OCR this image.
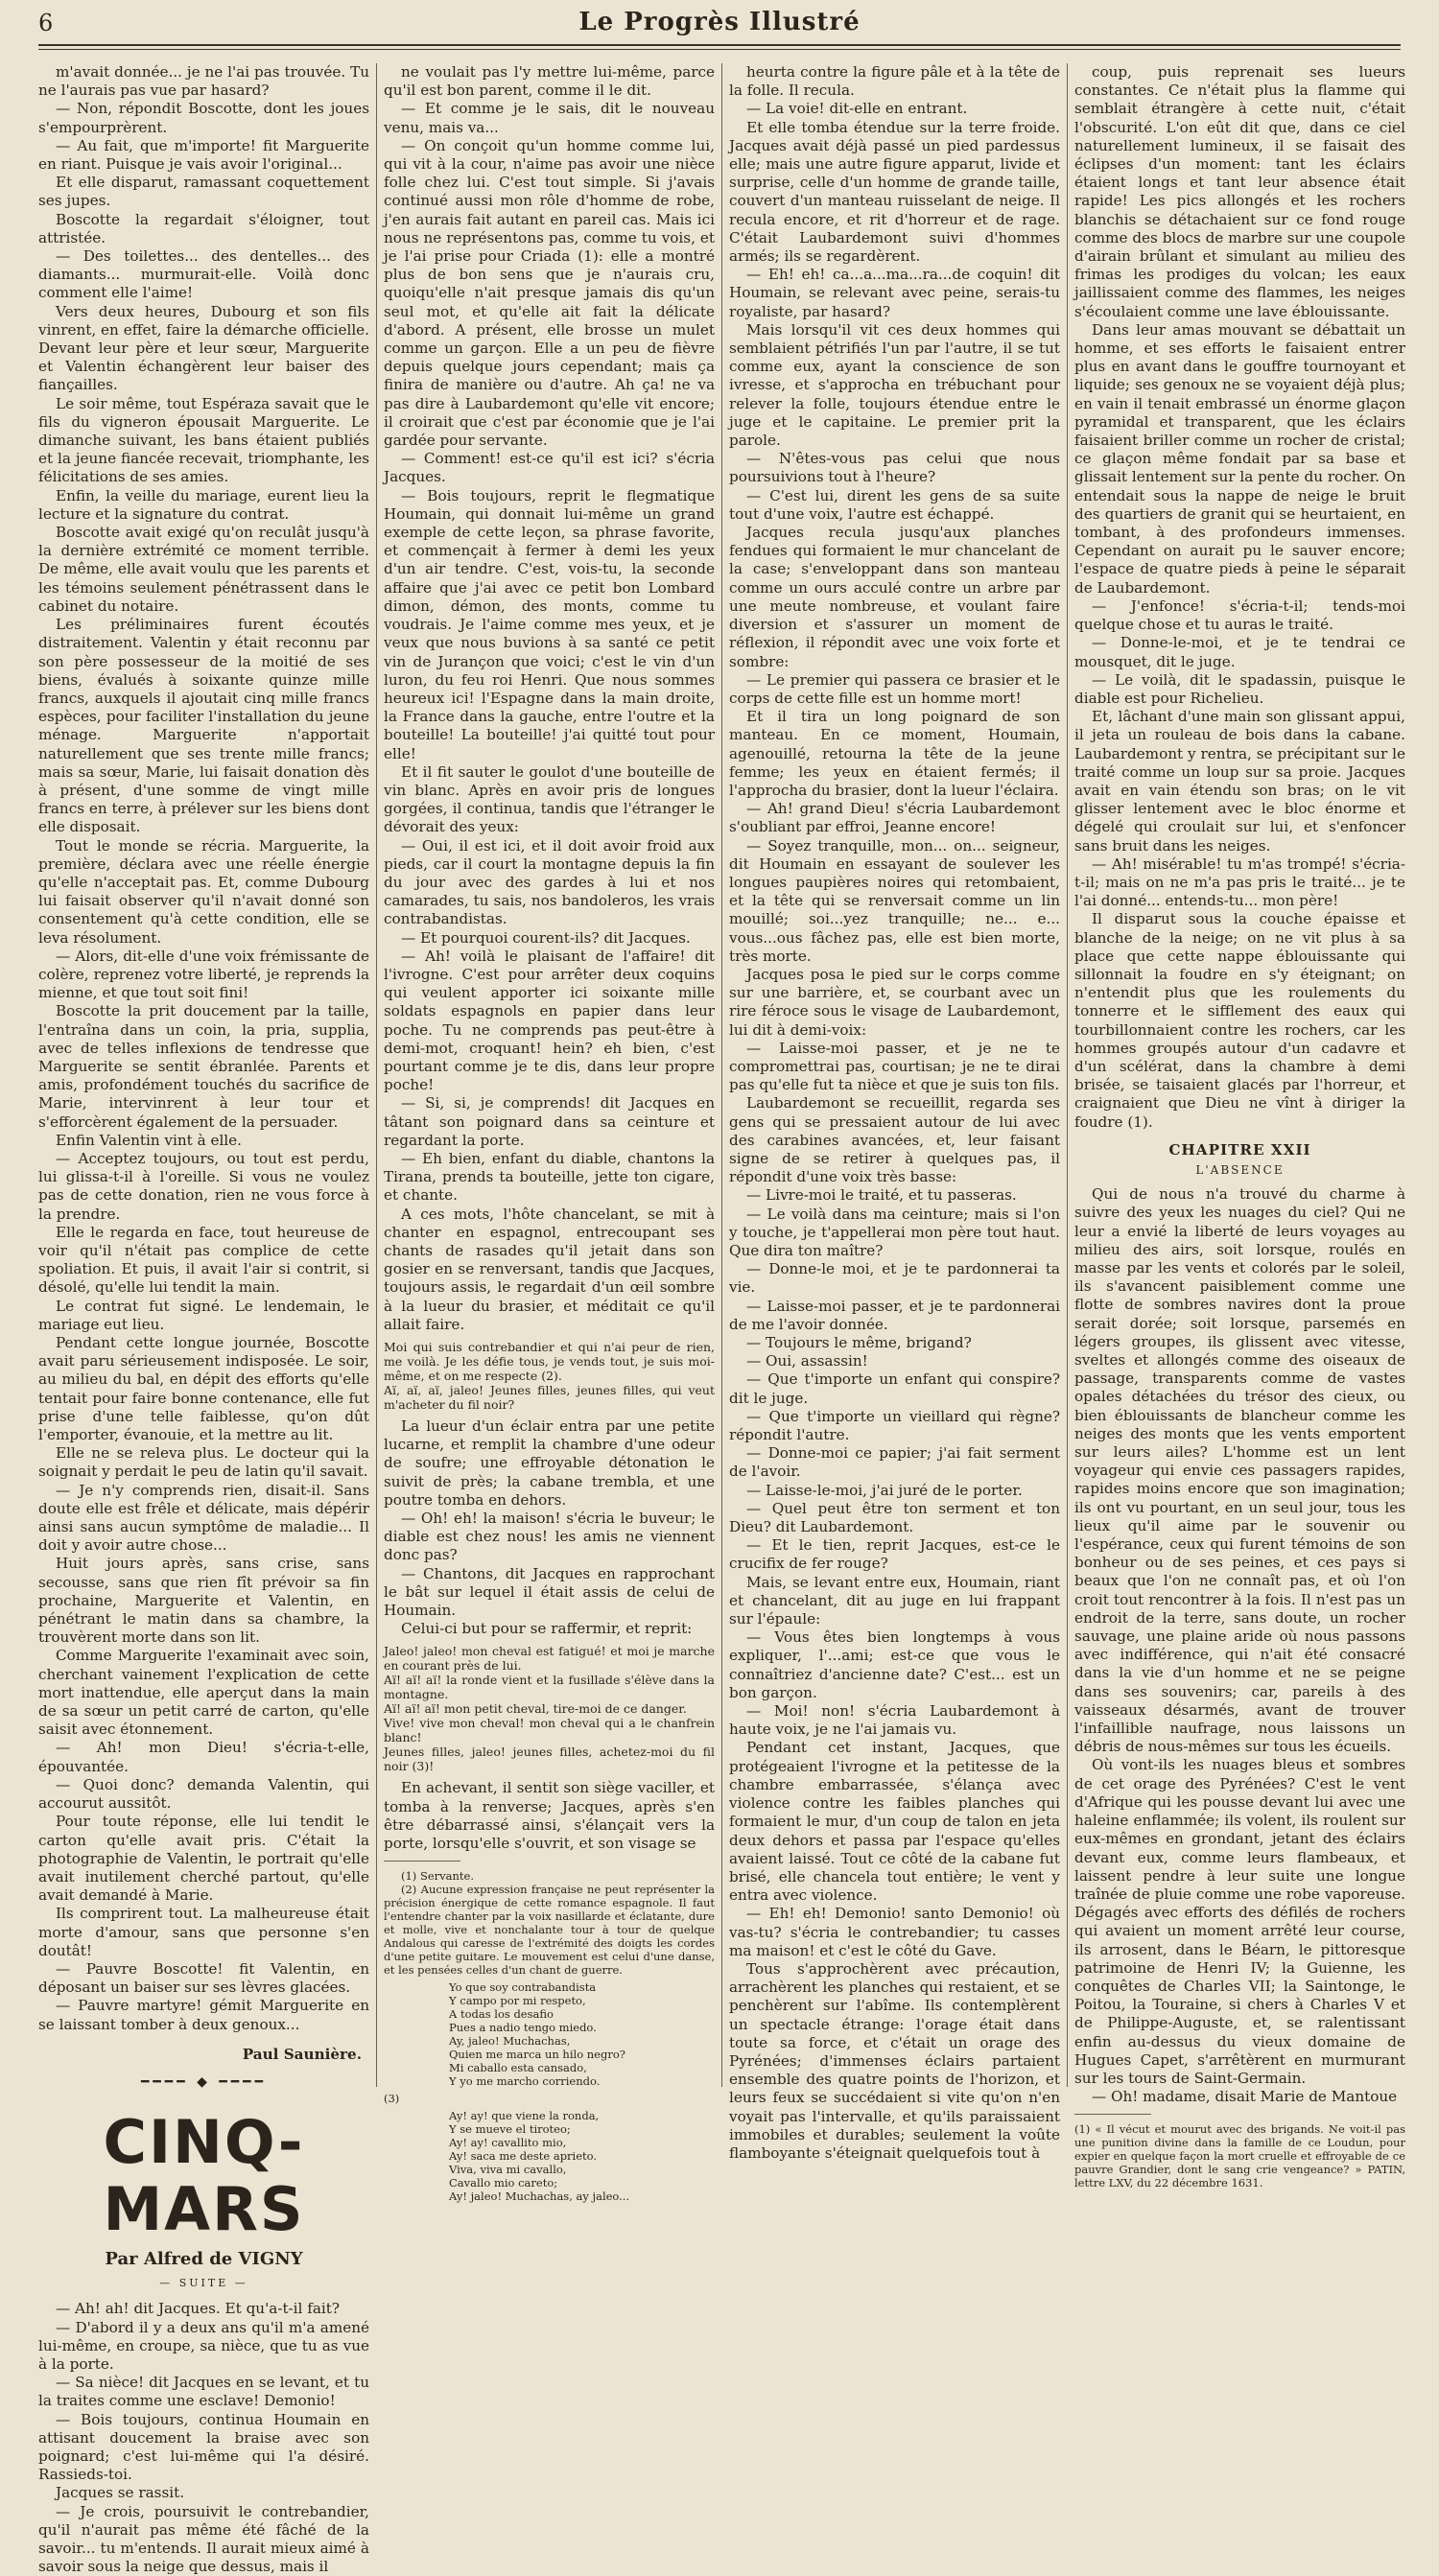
6	Le Progrès Illustré

m'avait donnée... je ne l'ai pas trouvée. Tu ne l'aurais pas vue par hasard?

— Non, répondit Boscotte, dont les joues s'empourprèrent.

— Au fait, que m'importe! fit Marguerite en riant. Puisque je vais avoir l'original...

Et elle disparut, ramassant coquettement ses jupes.

Boscotte la regardait s'éloigner, tout attristée.

— Des toilettes... des dentelles... des diamants... murmurait-elle. Voilà donc comment elle l'aime!

Vers deux heures, Dubourg et son fils vinrent, en effet, faire la démarche officielle. Devant leur père et leur sœur, Marguerite et Valentin échangèrent leur baiser des fiançailles.

Le soir même, tout Espéraza savait que le fils du vigneron épousait Marguerite. Le dimanche suivant, les bans étaient publiés et la jeune fiancée recevait, triomphante, les félicitations de ses amies.

Enfin, la veille du mariage, eurent lieu la lecture et la signature du contrat.

Boscotte avait exigé qu'on reculât jusqu'à la dernière extrémité ce moment terrible. De même, elle avait voulu que les parents et les témoins seulement pénétrassent dans le cabinet du notaire.

Les préliminaires furent écoutés distraitement. Valentin y était reconnu par son père possesseur de la moitié de ses biens, évalués à soixante quinze mille francs, auxquels il ajoutait cinq mille francs espèces, pour faciliter l'installation du jeune ménage. Marguerite n'apportait naturellement que ses trente mille francs; mais sa sœur, Marie, lui faisait donation dès à présent, d'une somme de vingt mille francs en terre, à prélever sur les biens dont elle disposait.

Tout le monde se récria. Marguerite, la première, déclara avec une réelle énergie qu'elle n'acceptait pas. Et, comme Dubourg lui faisait observer qu'il n'avait donné son consentement qu'à cette condition, elle se leva résolument.

— Alors, dit-elle d'une voix frémissante de colère, reprenez votre liberté, je reprends la mienne, et que tout soit fini!

Boscotte la prit doucement par la taille, l'entraîna dans un coin, la pria, supplia, avec de telles inflexions de tendresse que Marguerite se sentit ébranlée. Parents et amis, profondément touchés du sacrifice de Marie, intervinrent à leur tour et s'efforcèrent également de la persuader.

Enfin Valentin vint à elle.

— Acceptez toujours, ou tout est perdu, lui glissa-t-il à l'oreille. Si vous ne voulez pas de cette donation, rien ne vous force à la prendre.

Elle le regarda en face, tout heureuse de voir qu'il n'était pas complice de cette spoliation. Et puis, il avait l'air si contrit, si désolé, qu'elle lui tendit la main.

Le contrat fut signé. Le lendemain, le mariage eut lieu.

Pendant cette longue journée, Boscotte avait paru sérieusement indisposée. Le soir, au milieu du bal, en dépit des efforts qu'elle tentait pour faire bonne contenance, elle fut prise d'une telle faiblesse, qu'on dût l'emporter, évanouie, et la mettre au lit.

Elle ne se releva plus. Le docteur qui la soignait y perdait le peu de latin qu'il savait.

— Je n'y comprends rien, disait-il. Sans doute elle est frêle et délicate, mais dépérir ainsi sans aucun symptôme de maladie... Il doit y avoir autre chose...

Huit jours après, sans crise, sans secousse, sans que rien fît prévoir sa fin prochaine, Marguerite et Valentin, en pénétrant le matin dans sa chambre, la trouvèrent morte dans son lit.

Comme Marguerite l'examinait avec soin, cherchant vainement l'explication de cette mort inattendue, elle aperçut dans la main de sa sœur un petit carré de carton, qu'elle saisit avec étonnement.

— Ah! mon Dieu! s'écria-t-elle, épouvantée.

— Quoi donc? demanda Valentin, qui accourut aussitôt.

Pour toute réponse, elle lui tendit le carton qu'elle avait pris. C'était la photographie de Valentin, le portrait qu'elle avait inutilement cherché partout, qu'elle avait demandé à Marie.

Ils comprirent tout. La malheureuse était morte d'amour, sans que personne s'en doutât!

— Pauvre Boscotte! fit Valentin, en déposant un baiser sur ses lèvres glacées.

— Pauvre martyre! gémit Marguerite en se laissant tomber à deux genoux...

Paul Saunière.
━━━━ ◆ ━━━━
CINQ-MARS
Par Alfred de VIGNY
— SUITE —

— Ah! ah! dit Jacques. Et qu'a-t-il fait?

— D'abord il y a deux ans qu'il m'a amené lui-même, en croupe, sa nièce, que tu as vue à la porte.

— Sa nièce! dit Jacques en se levant, et tu la traites comme une esclave! Demonio!

— Bois toujours, continua Houmain en attisant doucement la braise avec son poignard; c'est lui-même qui l'a désiré. Rassieds-toi.

Jacques se rassit.

— Je crois, poursuivit le contrebandier, qu'il n'aurait pas même été fâché de la savoir... tu m'entends. Il aurait mieux aimé à savoir sous la neige que dessus, mais il

ne voulait pas l'y mettre lui-même, parce qu'il est bon parent, comme il le dit.

— Et comme je le sais, dit le nouveau venu, mais va...

— On conçoit qu'un homme comme lui, qui vit à la cour, n'aime pas avoir une nièce folle chez lui. C'est tout simple. Si j'avais continué aussi mon rôle d'homme de robe, j'en aurais fait autant en pareil cas. Mais ici nous ne représentons pas, comme tu vois, et je l'ai prise pour Criada (1): elle a montré plus de bon sens que je n'aurais cru, quoiqu'elle n'ait presque jamais dis qu'un seul mot, et qu'elle ait fait la délicate d'abord. A présent, elle brosse un mulet comme un garçon. Elle a un peu de fièvre depuis quelque jours cependant; mais ça finira de manière ou d'autre. Ah ça! ne va pas dire à Laubardemont qu'elle vit encore; il croirait que c'est par économie que je l'ai gardée pour servante.

— Comment! est-ce qu'il est ici? s'écria Jacques.

— Bois toujours, reprit le flegmatique Houmain, qui donnait lui-même un grand exemple de cette leçon, sa phrase favorite, et commençait à fermer à demi les yeux d'un air tendre. C'est, vois-tu, la seconde affaire que j'ai avec ce petit bon Lombard dimon, démon, des monts, comme tu voudrais. Je l'aime comme mes yeux, et je veux que nous buvions à sa santé ce petit vin de Jurançon que voici; c'est le vin d'un luron, du feu roi Henri. Que nous sommes heureux ici! l'Espagne dans la main droite, la France dans la gauche, entre l'outre et la bouteille! La bouteille! j'ai quitté tout pour elle!

Et il fit sauter le goulot d'une bouteille de vin blanc. Après en avoir pris de longues gorgées, il continua, tandis que l'étranger le dévorait des yeux:

— Oui, il est ici, et il doit avoir froid aux pieds, car il court la montagne depuis la fin du jour avec des gardes à lui et nos camarades, tu sais, nos bandoleros, les vrais contrabandistas.

— Et pourquoi courent-ils? dit Jacques.

— Ah! voilà le plaisant de l'affaire! dit l'ivrogne. C'est pour arrêter deux coquins qui veulent apporter ici soixante mille soldats espagnols en papier dans leur poche. Tu ne comprends pas peut-être à demi-mot, croquant! hein? eh bien, c'est pourtant comme je te dis, dans leur propre poche!

— Si, si, je comprends! dit Jacques en tâtant son poignard dans sa ceinture et regardant la porte.

— Eh bien, enfant du diable, chantons la Tirana, prends ta bouteille, jette ton cigare, et chante.

A ces mots, l'hôte chancelant, se mit à chanter en espagnol, entrecoupant ses chants de rasades qu'il jetait dans son gosier en se renversant, tandis que Jacques, toujours assis, le regardait d'un œil sombre à la lueur du brasier, et méditait ce qu'il allait faire.

Moi qui suis contrebandier et qui n'ai peur de rien, me voilà. Je les défie tous, je vends tout, je suis moi-même, et on me respecte (2).

Aï, aï, aï, jaleo! Jeunes filles, jeunes filles, qui veut m'acheter du fil noir?

La lueur d'un éclair entra par une petite lucarne, et remplit la chambre d'une odeur de soufre; une effroyable détonation le suivit de près; la cabane trembla, et une poutre tomba en dehors.

— Oh! eh! la maison! s'écria le buveur; le diable est chez nous! les amis ne viennent donc pas?

— Chantons, dit Jacques en rapprochant le bât sur lequel il était assis de celui de Houmain.

Celui-ci but pour se raffermir, et reprit:

Jaleo! jaleo! mon cheval est fatigué! et moi je marche en courant près de lui.

Aï! aï! aï! la ronde vient et la fusillade s'élève dans la montagne.

Aï! aï! aï! mon petit cheval, tire-moi de ce danger.

Vive! vive mon cheval! mon cheval qui a le chanfrein blanc!

Jeunes filles, jaleo! jeunes filles, achetez-moi du fil noir (3)!

En achevant, il sentit son siège vaciller, et tomba à la renverse; Jacques, après s'en être débarrassé ainsi, s'élançait vers la porte, lorsqu'elle s'ouvrit, et son visage se

(1) Servante.

(2) Aucune expression française ne peut représenter la précision énergique de cette romance espagnole. Il faut l'entendre chanter par la voix nasillarde et éclatante, dure et molle, vive et nonchalante tour à tour de quelque Andalous qui caresse de l'extrémité des doigts les cordes d'une petite guitare. Le mouvement est celui d'une danse, et les pensées celles d'un chant de guerre.

Yo que soy contrabandista

Y campo por mi respeto,

A todas los desafio

Pues a nadio tengo miedo.

Ay, jaleo! Muchachas,

Quien me marca un hilo negro?

Mi caballo esta cansado,

Y yo me marcho corriendo.

(3)

Ay! ay! que viene la ronda,

Y se mueve el tiroteo;

Ay! ay! cavallito mio,

Ay! saca me deste aprieto.

Viva, viva mi cavallo,

Cavallo mio careto;

Ay! jaleo! Muchachas, ay jaleo...

heurta contre la figure pâle et à la tête de la folle. Il recula.

— La voie! dit-elle en entrant.

Et elle tomba étendue sur la terre froide. Jacques avait déjà passé un pied pardessus elle; mais une autre figure apparut, livide et surprise, celle d'un homme de grande taille, couvert d'un manteau ruisselant de neige. Il recula encore, et rit d'horreur et de rage. C'était Laubardemont suivi d'hommes armés; ils se regardèrent.

— Eh! eh! ca...a...ma...ra...de coquin! dit Houmain, se relevant avec peine, serais-tu royaliste, par hasard?

Mais lorsqu'il vit ces deux hommes qui semblaient pétrifiés l'un par l'autre, il se tut comme eux, ayant la conscience de son ivresse, et s'approcha en trébuchant pour relever la folle, toujours étendue entre le juge et le capitaine. Le premier prit la parole.

— N'êtes-vous pas celui que nous poursuivions tout à l'heure?

— C'est lui, dirent les gens de sa suite tout d'une voix, l'autre est échappé.

Jacques recula jusqu'aux planches fendues qui formaient le mur chancelant de la case; s'enveloppant dans son manteau comme un ours acculé contre un arbre par une meute nombreuse, et voulant faire diversion et s'assurer un moment de réflexion, il répondit avec une voix forte et sombre:

— Le premier qui passera ce brasier et le corps de cette fille est un homme mort!

Et il tira un long poignard de son manteau. En ce moment, Houmain, agenouillé, retourna la tête de la jeune femme; les yeux en étaient fermés; il l'approcha du brasier, dont la lueur l'éclaira.

— Ah! grand Dieu! s'écria Laubardemont s'oubliant par effroi, Jeanne encore!

— Soyez tranquille, mon... on... seigneur, dit Houmain en essayant de soulever les longues paupières noires qui retombaient, et la tête qui se renversait comme un lin mouillé; soi...yez tranquille; ne... e... vous...ous fâchez pas, elle est bien morte, très morte.

Jacques posa le pied sur le corps comme sur une barrière, et, se courbant avec un rire féroce sous le visage de Laubardemont, lui dit à demi-voix:

— Laisse-moi passer, et je ne te compromettrai pas, courtisan; je ne te dirai pas qu'elle fut ta nièce et que je suis ton fils.

Laubardemont se recueillit, regarda ses gens qui se pressaient autour de lui avec des carabines avancées, et, leur faisant signe de se retirer à quelques pas, il répondit d'une voix très basse:

— Livre-moi le traité, et tu passeras.

— Le voilà dans ma ceinture; mais si l'on y touche, je t'appellerai mon père tout haut. Que dira ton maître?

— Donne-le moi, et je te pardonnerai ta vie.

— Laisse-moi passer, et je te pardonnerai de me l'avoir donnée.

— Toujours le même, brigand?

— Oui, assassin!

— Que t'importe un enfant qui conspire? dit le juge.

— Que t'importe un vieillard qui règne? répondit l'autre.

— Donne-moi ce papier; j'ai fait serment de l'avoir.

— Laisse-le-moi, j'ai juré de le porter.

— Quel peut être ton serment et ton Dieu? dit Laubardemont.

— Et le tien, reprit Jacques, est-ce le crucifix de fer rouge?

Mais, se levant entre eux, Houmain, riant et chancelant, dit au juge en lui frappant sur l'épaule:

— Vous êtes bien longtemps à vous expliquer, l'...ami; est-ce que vous le connaîtriez d'ancienne date? C'est... est un bon garçon.

— Moi! non! s'écria Laubardemont à haute voix, je ne l'ai jamais vu.

Pendant cet instant, Jacques, que protégeaient l'ivrogne et la petitesse de la chambre embarrassée, s'élança avec violence contre les faibles planches qui formaient le mur, d'un coup de talon en jeta deux dehors et passa par l'espace qu'elles avaient laissé. Tout ce côté de la cabane fut brisé, elle chancela tout entière; le vent y entra avec violence.

— Eh! eh! Demonio! santo Demonio! où vas-tu? s'écria le contrebandier; tu casses ma maison! et c'est le côté du Gave.

Tous s'approchèrent avec précaution, arrachèrent les planches qui restaient, et se penchèrent sur l'abîme. Ils contemplèrent un spectacle étrange: l'orage était dans toute sa force, et c'était un orage des Pyrénées; d'immenses éclairs partaient ensemble des quatre points de l'horizon, et leurs feux se succédaient si vite qu'on n'en voyait pas l'intervalle, et qu'ils paraissaient immobiles et durables; seulement la voûte flamboyante s'éteignait quelquefois tout à

coup, puis reprenait ses lueurs constantes. Ce n'était plus la flamme qui semblait étrangère à cette nuit, c'était l'obscurité. L'on eût dit que, dans ce ciel naturellement lumineux, il se faisait des éclipses d'un moment: tant les éclairs étaient longs et tant leur absence était rapide! Les pics allongés et les rochers blanchis se détachaient sur ce fond rouge comme des blocs de marbre sur une coupole d'airain brûlant et simulant au milieu des frimas les prodiges du volcan; les eaux jaillissaient comme des flammes, les neiges s'écoulaient comme une lave éblouissante.

Dans leur amas mouvant se débattait un homme, et ses efforts le faisaient entrer plus en avant dans le gouffre tournoyant et liquide; ses genoux ne se voyaient déjà plus; en vain il tenait embrassé un énorme glaçon pyramidal et transparent, que les éclairs faisaient briller comme un rocher de cristal; ce glaçon même fondait par sa base et glissait lentement sur la pente du rocher. On entendait sous la nappe de neige le bruit des quartiers de granit qui se heurtaient, en tombant, à des profondeurs immenses. Cependant on aurait pu le sauver encore; l'espace de quatre pieds à peine le séparait de Laubardemont.

— J'enfonce! s'écria-t-il; tends-moi quelque chose et tu auras le traité.

— Donne-le-moi, et je te tendrai ce mousquet, dit le juge.

— Le voilà, dit le spadassin, puisque le diable est pour Richelieu.

Et, lâchant d'une main son glissant appui, il jeta un rouleau de bois dans la cabane. Laubardemont y rentra, se précipitant sur le traité comme un loup sur sa proie. Jacques avait en vain étendu son bras; on le vit glisser lentement avec le bloc énorme et dégelé qui croulait sur lui, et s'enfoncer sans bruit dans les neiges.

— Ah! misérable! tu m'as trompé! s'écria-t-il; mais on ne m'a pas pris le traité... je te l'ai donné... entends-tu... mon père!

Il disparut sous la couche épaisse et blanche de la neige; on ne vit plus à sa place que cette nappe éblouissante qui sillonnait la foudre en s'y éteignant; on n'entendit plus que les roulements du tonnerre et le sifflement des eaux qui tourbillonnaient contre les rochers, car les hommes groupés autour d'un cadavre et d'un scélérat, dans la chambre à demi brisée, se taisaient glacés par l'horreur, et craignaient que Dieu ne vînt à diriger la foudre (1).

CHAPITRE XXII
L'ABSENCE

Qui de nous n'a trouvé du charme à suivre des yeux les nuages du ciel? Qui ne leur a envié la liberté de leurs voyages au milieu des airs, soit lorsque, roulés en masse par les vents et colorés par le soleil, ils s'avancent paisiblement comme une flotte de sombres navires dont la proue serait dorée; soit lorsque, parsemés en légers groupes, ils glissent avec vitesse, sveltes et allongés comme des oiseaux de passage, transparents comme de vastes opales détachées du trésor des cieux, ou bien éblouissants de blancheur comme les neiges des monts que les vents emportent sur leurs ailes? L'homme est un lent voyageur qui envie ces passagers rapides, rapides moins encore que son imagination; ils ont vu pourtant, en un seul jour, tous les lieux qu'il aime par le souvenir ou l'espérance, ceux qui furent témoins de son bonheur ou de ses peines, et ces pays si beaux que l'on ne connaît pas, et où l'on croit tout rencontrer à la fois. Il n'est pas un endroit de la terre, sans doute, un rocher sauvage, une plaine aride où nous passons avec indifférence, qui n'ait été consacré dans la vie d'un homme et ne se peigne dans ses souvenirs; car, pareils à des vaisseaux désarmés, avant de trouver l'infaillible naufrage, nous laissons un débris de nous-mêmes sur tous les écueils.

Où vont-ils les nuages bleus et sombres de cet orage des Pyrénées? C'est le vent d'Afrique qui les pousse devant lui avec une haleine enflammée; ils volent, ils roulent sur eux-mêmes en grondant, jetant des éclairs devant eux, comme leurs flambeaux, et laissent pendre à leur suite une longue traînée de pluie comme une robe vaporeuse. Dégagés avec efforts des défilés de rochers qui avaient un moment arrêté leur course, ils arrosent, dans le Béarn, le pittoresque patrimoine de Henri IV; la Guienne, les conquêtes de Charles VII; la Saintonge, le Poitou, la Touraine, si chers à Charles V et de Philippe-Auguste, et, se ralentissant enfin au-dessus du vieux domaine de Hugues Capet, s'arrêtèrent en murmurant sur les tours de Saint-Germain.

— Oh! madame, disait Marie de Mantoue

(1) « Il vécut et mourut avec des brigands. Ne voit-il pas une punition divine dans la famille de ce Loudun, pour expier en quelque façon la mort cruelle et effroyable de ce pauvre Grandier, dont le sang crie vengeance? » PATIN, lettre LXV, du 22 décembre 1631.
